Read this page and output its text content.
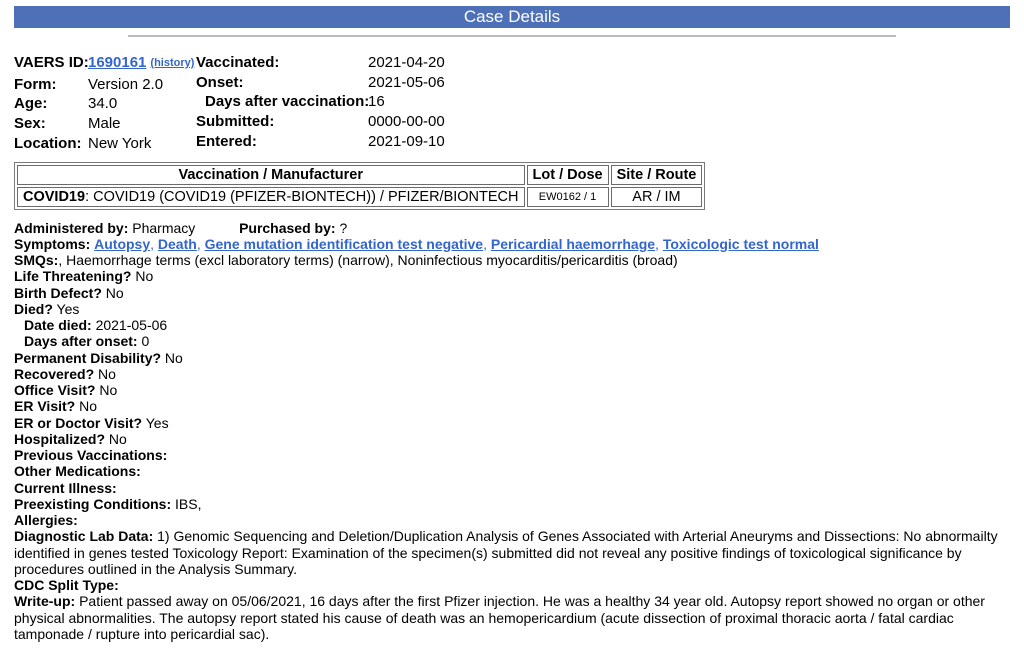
Case Details
VAERS ID: 1690161 (history)
Form:	Version 2.0
Age:	34.0
Sex:	Male
Location: New York
Vaccinated:	2021-04-20
Onset:	2021-05-06
Days after vaccination:
16
Submitted:	0000-00-00
Entered:	2021-09-10
Vaccination / Manufacturer	Lot / Dose	Site / Route
COVID19: COVID19 (COVID19 (PFIZER-BIONTECH)) / PFIZER/BIONTECH	EW0162 / 1	AR / IM
Administered by: Pharmacy	Purchased by: ?
Symptoms: Autopsy, Death, Gene mutation identification test negative, Pericardial haemorrhage, Toxicologic test normal
SMQs:, Haemorrhage terms (excl laboratory terms) (narrow), Noninfectious myocarditis/pericarditis (broad)
Life Threatening? No
Birth Defect? No
Died? Yes
Date died: 2021-05-06
Days after onset: 0
Permanent Disability? No
Recovered? No
Office Visit? No
ER Visit? No
ER or Doctor Visit? Yes
Hospitalized? No
Previous Vaccinations:
Other Medications:
Current Illness:
Preexisting Conditions: IBS,
Allergies:
Diagnostic Lab Data: 1) Genomic Sequencing and Deletion/Duplication Analysis of Genes Associated with Arterial Aneuryms and Dissections: No abnormailty identified in genes tested Toxicology Report: Examination of the specimen(s) submitted did not reveal any positive findings of toxicological significance by procedures outlined in the Analysis Summary.
CDC Split Type:
Write-up: Patient passed away on 05/06/2021, 16 days after the first Pfizer injection. He was a healthy 34 year old. Autopsy report showed no organ or other physical abnormalities. The autopsy report stated his cause of death was an hemopericardium (acute dissection of proximal thoracic aorta / fatal cardiac tamponade / rupture into pericardial sac).
